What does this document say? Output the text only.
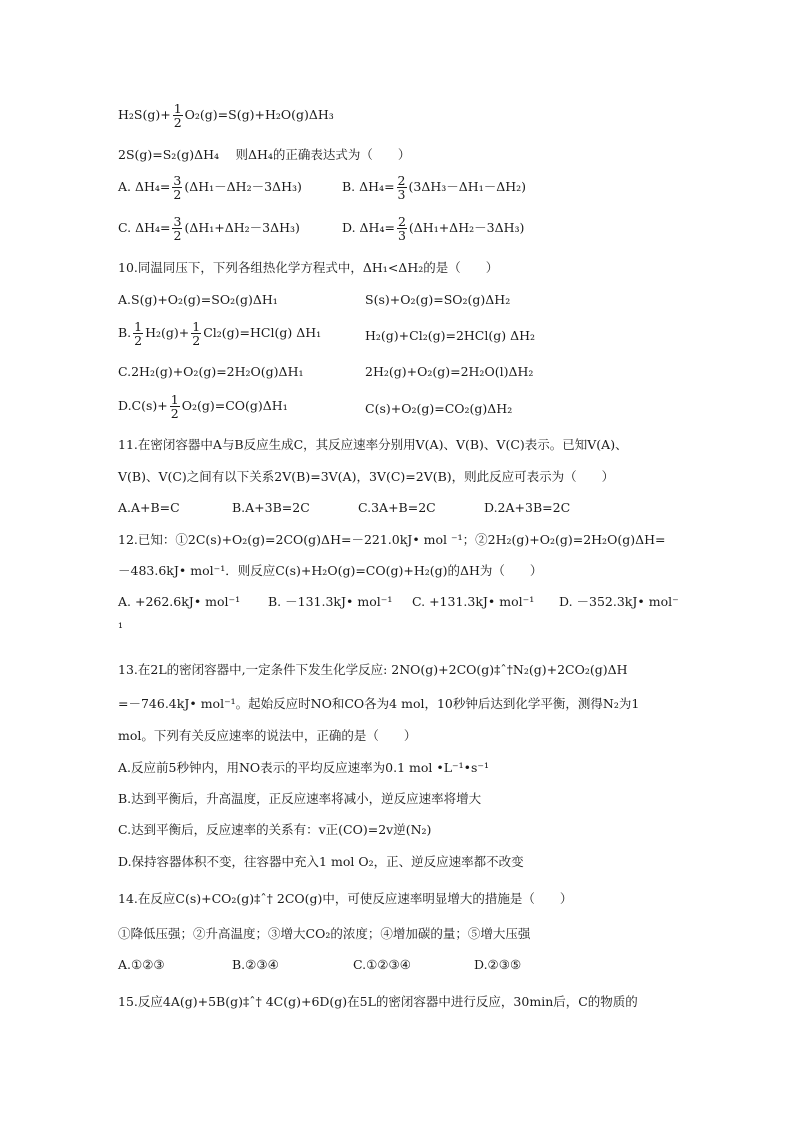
$H_2S(g)+ \frac{1}{2} O_2(g)=S(g)+H_2O(g)\Delta H_3$
2S(g)=S₂(g)ΔH₄　 则ΔH₄的正确表达式为（　　）
A. $\Delta H_4= \frac{3}{2} (\Delta H_1-\Delta H_2-3\Delta H_3)$	B. $\Delta H_4= \frac{2}{3} (3\Delta H_3-\Delta H_1-\Delta H_2)$
C. $\Delta H_4= \frac{3}{2} (\Delta H_1+\Delta H_2-3\Delta H_3)$	D. $\Delta H_4= \frac{2}{3} (\Delta H_1+\Delta H_2-3\Delta H_3)$
10.同温同压下，下列各组热化学方程式中，ΔH₁<ΔH₂的是（　　）
A.S(g)+O₂(g)=SO₂(g)ΔH₁	S(s)+O₂(g)=SO₂(g)ΔH₂
B. $\frac{1}{2} H_2(g)+ \frac{1}{2} Cl_2(g)=HCl(g)$ ΔH₁	H₂(g)+Cl₂(g)=2HCl(g) ΔH₂
C.2H₂(g)+O₂(g)=2H₂O(g)ΔH₁	2H₂(g)+O₂(g)=2H₂O(l)ΔH₂
$D.C(s)+ \frac{1}{2} O_2(g)=CO(g)\Delta H_1$	C(s)+O₂(g)=CO₂(g)ΔH₂
11.在密闭容器中A与B反应生成C，其反应速率分别用V(A)、V(B)、V(C)表示。已知V(A)、
V(B)、V(C)之间有以下关系2V(B)=3V(A)，3V(C)=2V(B)，则此反应可表示为（　　）
A.A+B=C	B.A+3B=2C	C.3A+B=2C	D.2A+3B=2C
12.已知：①2C(s)+O₂(g)=2CO(g)ΔH=－221.0kJ• mol ⁻¹；②2H₂(g)+O₂(g)=2H₂O(g)ΔH=
－483.6kJ• mol⁻¹．则反应C(s)+H₂O(g)=CO(g)+H₂(g)的ΔH为（　　）
A. +262.6kJ• mol⁻¹ B. －131.3kJ• mol⁻¹ C. +131.3kJ• mol⁻¹ D. －352.3kJ• mol⁻
¹
13.在2L的密闭容器中,一定条件下发生化学反应: 2NO(g)+2CO(g)‡ˆ†N₂(g)+2CO₂(g)ΔH
=－746.4kJ• mol⁻¹。起始反应时NO和CO各为4 mol，10秒钟后达到化学平衡，测得N₂为1
mol。下列有关反应速率的说法中，正确的是（　　）
A.反应前5秒钟内，用NO表示的平均反应速率为0.1 mol •L⁻¹•s⁻¹
B.达到平衡后，升高温度，正反应速率将减小，逆反应速率将增大
C.达到平衡后，反应速率的关系有：v正(CO)=2v逆(N₂)
D.保持容器体积不变，往容器中充入1 mol O₂，正、逆反应速率都不改变
14.在反应C(s)+CO₂(g)‡ˆ† 2CO(g)中，可使反应速率明显增大的措施是（　　）
①降低压强；②升高温度；③增大CO₂的浓度；④增加碳的量；⑤增大压强
A.①②③	B.②③④	C.①②③④	D.②③⑤
15.反应4A(g)+5B(g)‡ˆ† 4C(g)+6D(g)在5L的密闭容器中进行反应，30min后，C的物质的
